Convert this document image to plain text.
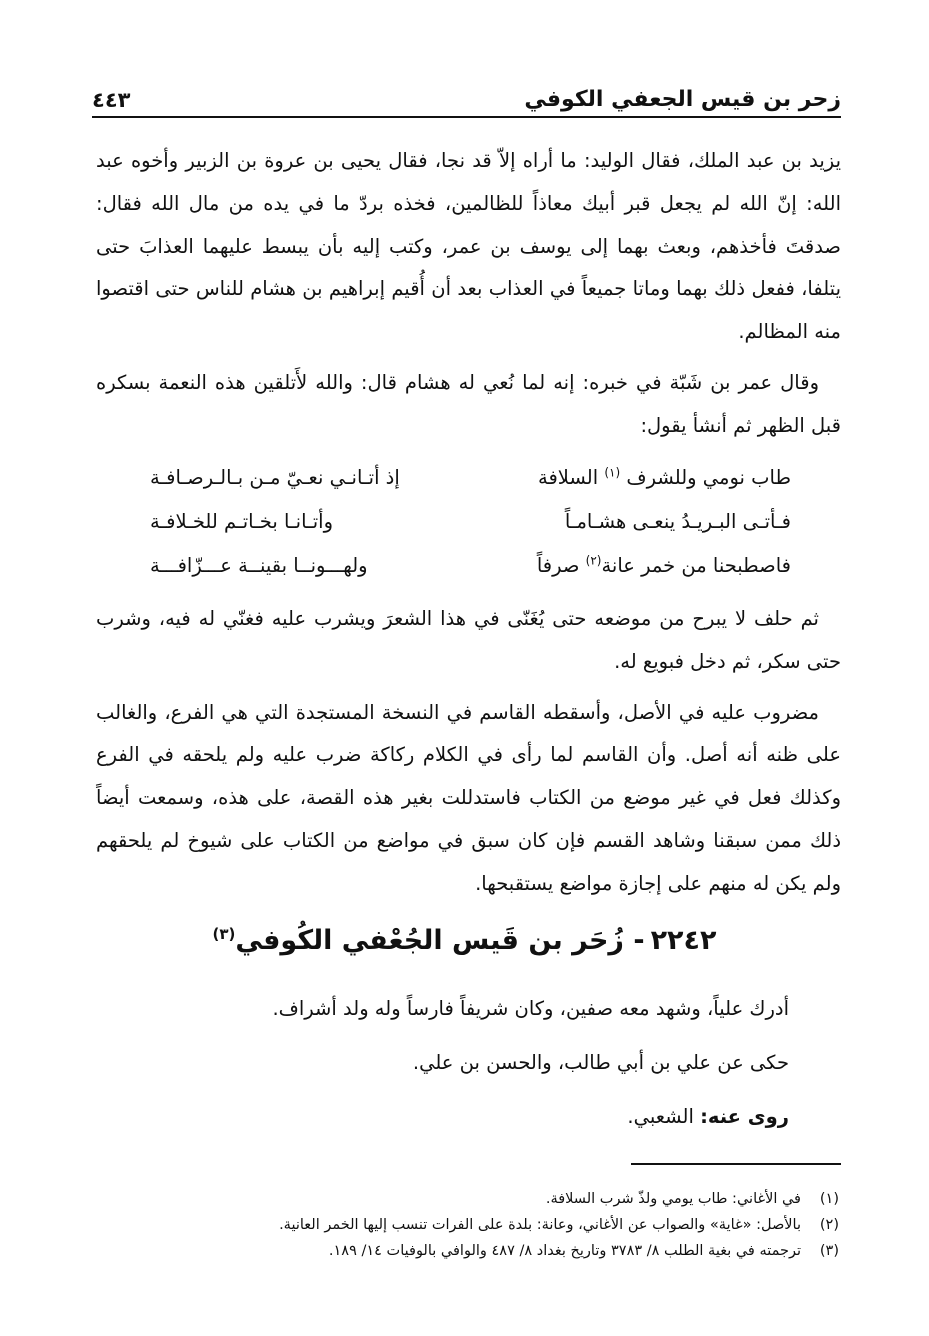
زحر بن قيس الجعفي الكوفي
٤٤٣

يزيد بن عبد الملك، فقال الوليد: ما أراه إلاّ قد نجا، فقال يحيى بن عروة بن الزبير وأخوه عبد الله: إنّ الله لم يجعل قبر أبيك معاذاً للظالمين، فخذه بردّ ما في يده من مال الله فقال: صدقتَ فأخذهم، وبعث بهما إلى يوسف بن عمر، وكتب إليه بأن يبسط عليهما العذابَ حتى يتلفا، ففعل ذلك بهما وماتا جميعاً في العذاب بعد أن أُقيم إبراهيم بن هشام للناس حتى اقتصوا منه المظالم.

وقال عمر بن شَبّة في خبره: إنه لما نُعي له هشام قال: والله لأَتلقين هذه النعمة بسكره قبل الظهر ثم أنشأ يقول:

طاب نومي وللشرف $^{(١)}$ السلافة
إذ أتـانـي نعـيّ مـن بـالـرصـافـة
فـأتـى البـريـدُ ينعـى هشـامـاً
وأتـانـا بخـاتـم للخـلافـة
فاصطبحنا من خمر عانة$^{(٢)}$ صرفاً
ولهـــونــا بقينــة عـــزّافـــة

ثم حلف لا يبرح من موضعه حتى يُغَنّى في هذا الشعرَ ويشرب عليه فغنّي له فيه، وشرب حتى سكر، ثم دخل فبويع له.

مضروب عليه في الأصل، وأسقطه القاسم في النسخة المستجدة التي هي الفرع، والغالب على ظنه أنه أصل. وأن القاسم لما رأى في الكلام ركاكة ضرب عليه ولم يلحقه في الفرع وكذلك فعل في غير موضع من الكتاب فاستدللت بغير هذه القصة، على هذه، وسمعت أيضاً ذلك ممن سبقنا وشاهد القسم فإن كان سبق في مواضع من الكتاب على شيوخ لم يلحقهم ولم يكن له منهم على إجازة مواضع يستقبحها.

٢٢٤٢- زُحَر بن قَيس الجُعْفي الكُوفي$^{(٣)}$
أدرك علياً، وشهد معه صفين، وكان شريفاً فارساً وله ولد أشراف.
حكى عن علي بن أبي طالب، والحسن بن علي.
روى عنه: الشعبي.
(١)
في الأغاني: طاب يومي ولذّ شرب السلافة.
(٢)
بالأصل: «غاية» والصواب عن الأغاني، وعانة: بلدة على الفرات تنسب إليها الخمر العانية.
(٣)
ترجمته في بغية الطلب ٨/ ٣٧٨٣ وتاريخ بغداد ٨/ ٤٨٧ والوافي بالوفيات ١٤/ ١٨٩.
